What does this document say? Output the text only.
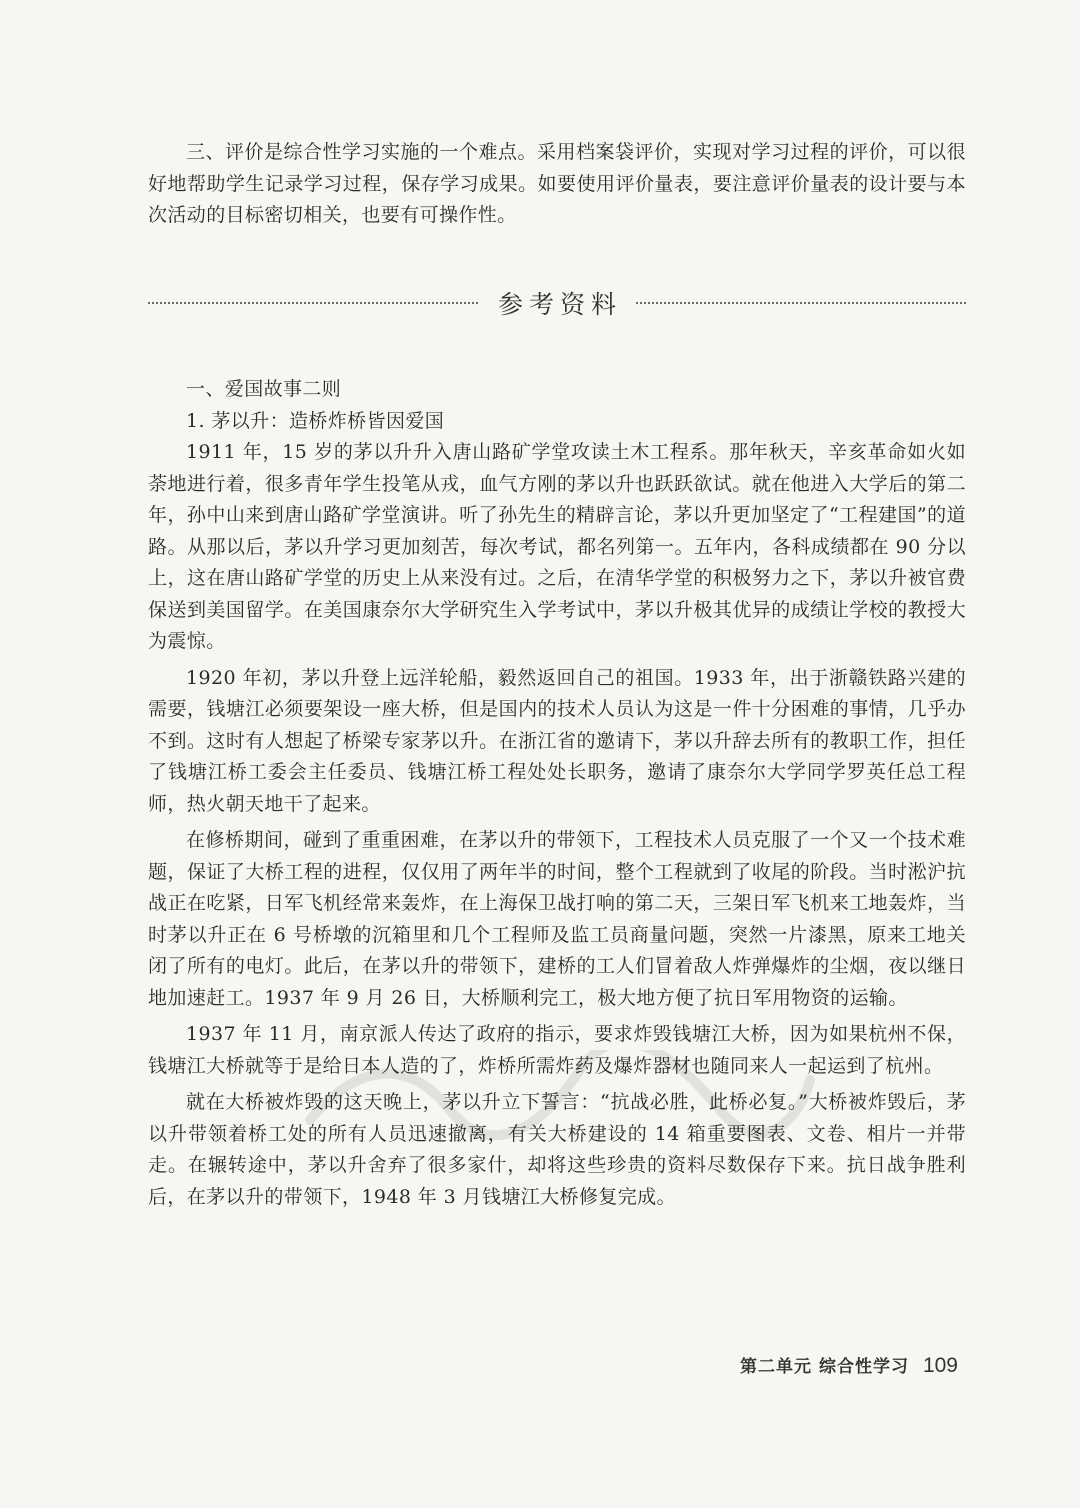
三、评价是综合性学习实施的一个难点。采用档案袋评价，实现对学习过程的评价，可以很好地帮助学生记录学习过程，保存学习成果。如要使用评价量表，要注意评价量表的设计要与本次活动的目标密切相关，也要有可操作性。

参考资料

一、爱国故事二则

1. 茅以升：造桥炸桥皆因爱国

1911 年，15 岁的茅以升升入唐山路矿学堂攻读土木工程系。那年秋天，辛亥革命如火如荼地进行着，很多青年学生投笔从戎，血气方刚的茅以升也跃跃欲试。就在他进入大学后的第二年，孙中山来到唐山路矿学堂演讲。听了孙先生的精辟言论，茅以升更加坚定了“工程建国”的道路。从那以后，茅以升学习更加刻苦，每次考试，都名列第一。五年内，各科成绩都在 90 分以上，这在唐山路矿学堂的历史上从来没有过。之后，在清华学堂的积极努力之下，茅以升被官费保送到美国留学。在美国康奈尔大学研究生入学考试中，茅以升极其优异的成绩让学校的教授大为震惊。

1920 年初，茅以升登上远洋轮船，毅然返回自己的祖国。1933 年，出于浙赣铁路兴建的需要，钱塘江必须要架设一座大桥，但是国内的技术人员认为这是一件十分困难的事情，几乎办不到。这时有人想起了桥梁专家茅以升。在浙江省的邀请下，茅以升辞去所有的教职工作，担任了钱塘江桥工委会主任委员、钱塘江桥工程处处长职务，邀请了康奈尔大学同学罗英任总工程师，热火朝天地干了起来。

在修桥期间，碰到了重重困难，在茅以升的带领下，工程技术人员克服了一个又一个技术难题，保证了大桥工程的进程，仅仅用了两年半的时间，整个工程就到了收尾的阶段。当时淞沪抗战正在吃紧，日军飞机经常来轰炸，在上海保卫战打响的第二天，三架日军飞机来工地轰炸，当时茅以升正在 6 号桥墩的沉箱里和几个工程师及监工员商量问题，突然一片漆黑，原来工地关闭了所有的电灯。此后，在茅以升的带领下，建桥的工人们冒着敌人炸弹爆炸的尘烟，夜以继日地加速赶工。1937 年 9 月 26 日，大桥顺利完工，极大地方便了抗日军用物资的运输。

1937 年 11 月，南京派人传达了政府的指示，要求炸毁钱塘江大桥，因为如果杭州不保，钱塘江大桥就等于是给日本人造的了，炸桥所需炸药及爆炸器材也随同来人一起运到了杭州。

就在大桥被炸毁的这天晚上，茅以升立下誓言：“抗战必胜，此桥必复。”大桥被炸毁后，茅以升带领着桥工处的所有人员迅速撤离，有关大桥建设的 14 箱重要图表、文卷、相片一并带走。在辗转途中，茅以升舍弃了很多家什，却将这些珍贵的资料尽数保存下来。抗日战争胜利后，在茅以升的带领下，1948 年 3 月钱塘江大桥修复完成。

第二单元 综合性学习 109
